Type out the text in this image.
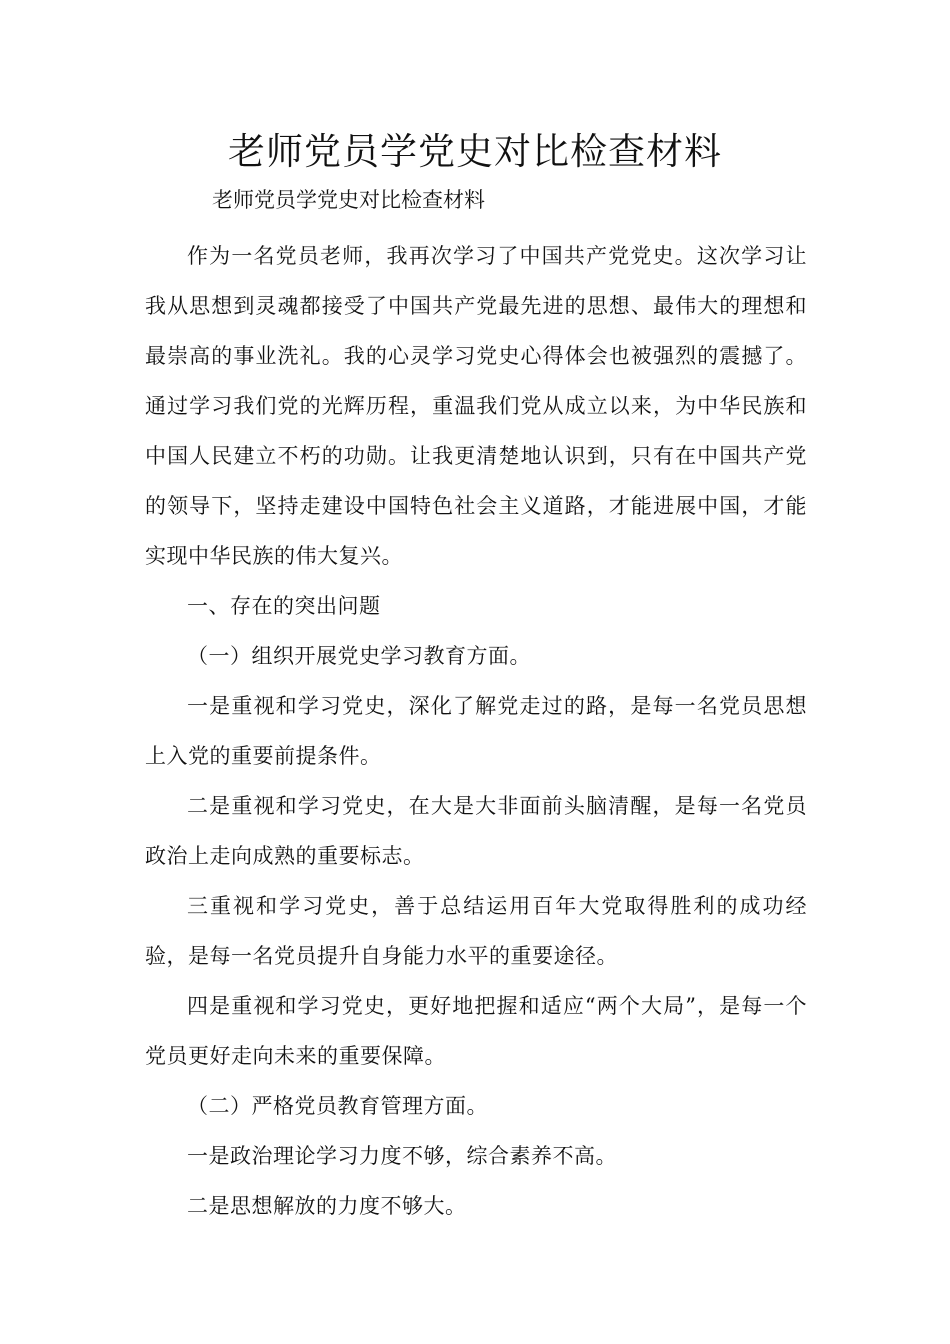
老师党员学党史对比检查材料

老师党员学党史对比检查材料

作为一名党员老师，我再次学习了中国共产党党史。这次学习让我从思想到灵魂都接受了中国共产党最先进的思想、最伟大的理想和最崇高的事业洗礼。我的心灵学习党史心得体会也被强烈的震撼了。通过学习我们党的光辉历程，重温我们党从成立以来，为中华民族和中国人民建立不朽的功勋。让我更清楚地认识到，只有在中国共产党的领导下，坚持走建设中国特色社会主义道路，才能进展中国，才能实现中华民族的伟大复兴。

一、存在的突出问题

（一）组织开展党史学习教育方面。

一是重视和学习党史，深化了解党走过的路，是每一名党员思想上入党的重要前提条件。

二是重视和学习党史，在大是大非面前头脑清醒，是每一名党员政治上走向成熟的重要标志。

三重视和学习党史，善于总结运用百年大党取得胜利的成功经验，是每一名党员提升自身能力水平的重要途径。

四是重视和学习党史，更好地把握和适应“两个大局”，是每一个党员更好走向未来的重要保障。

（二）严格党员教育管理方面。

一是政治理论学习力度不够，综合素养不高。

二是思想解放的力度不够大。
